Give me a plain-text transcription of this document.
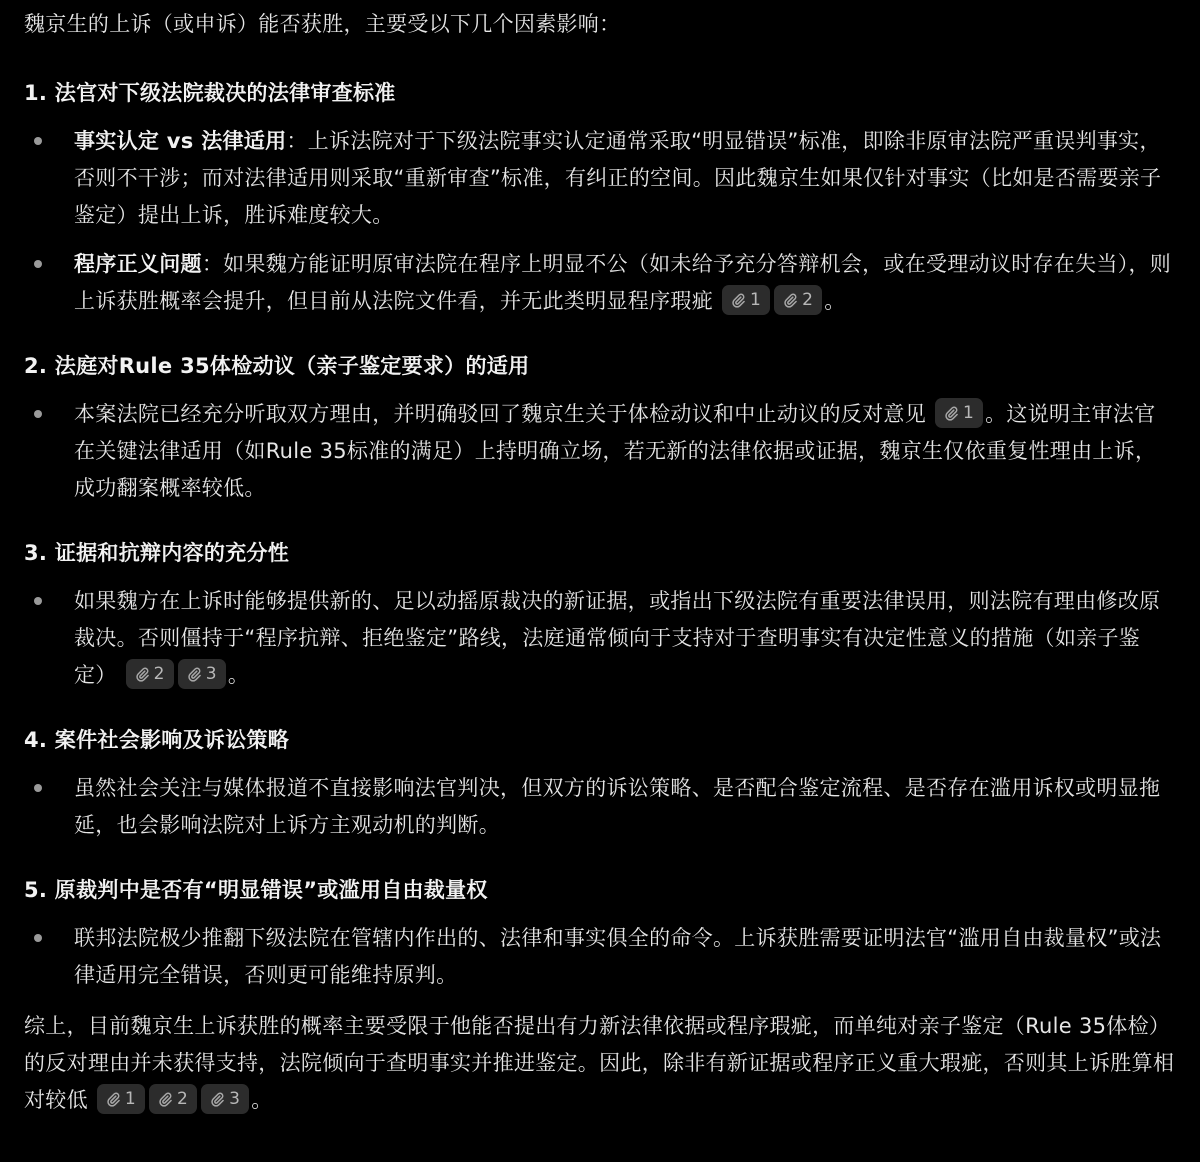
魏京生的上诉（或申诉）能否获胜，主要受以下几个因素影响：

1. 法官对下级法院裁决的法律审查标准

事实认定 vs 法律适用：上诉法院对于下级法院事实认定通常采取“明显错误”标准，即除非原审法院严重误判事实，否则不干涉；而对法律适用则采取“重新审查”标准，有纠正的空间。因此魏京生如果仅针对事实（比如是否需要亲子鉴定）提出上诉，胜诉难度较大。
程序正义问题：如果魏方能证明原审法院在程序上明显不公（如未给予充分答辩机会，或在受理动议时存在失当），则上诉获胜概率会提升，但目前从法院文件看，并无此类明显程序瑕疵 1 2 。

2. 法庭对Rule 35体检动议（亲子鉴定要求）的适用

本案法院已经充分听取双方理由，并明确驳回了魏京生关于体检动议和中止动议的反对意见 1 。这说明主审法官在关键法律适用（如Rule 35标准的满足）上持明确立场，若无新的法律依据或证据，魏京生仅依重复性理由上诉，成功翻案概率较低。

3. 证据和抗辩内容的充分性

如果魏方在上诉时能够提供新的、足以动摇原裁决的新证据，或指出下级法院有重要法律误用，则法院有理由修改原裁决。否则僵持于“程序抗辩、拒绝鉴定”路线，法庭通常倾向于支持对于查明事实有决定性意义的措施（如亲子鉴定） 2 3 。

4. 案件社会影响及诉讼策略

虽然社会关注与媒体报道不直接影响法官判决，但双方的诉讼策略、是否配合鉴定流程、是否存在滥用诉权或明显拖延，也会影响法院对上诉方主观动机的判断。

5. 原裁判中是否有“明显错误”或滥用自由裁量权

联邦法院极少推翻下级法院在管辖内作出的、法律和事实俱全的命令。上诉获胜需要证明法官“滥用自由裁量权”或法律适用完全错误，否则更可能维持原判。

综上，目前魏京生上诉获胜的概率主要受限于他能否提出有力新法律依据或程序瑕疵，而单纯对亲子鉴定（Rule 35体检）的反对理由并未获得支持，法院倾向于查明事实并推进鉴定。因此，除非有新证据或程序正义重大瑕疵，否则其上诉胜算相对较低 1 2 3 。
